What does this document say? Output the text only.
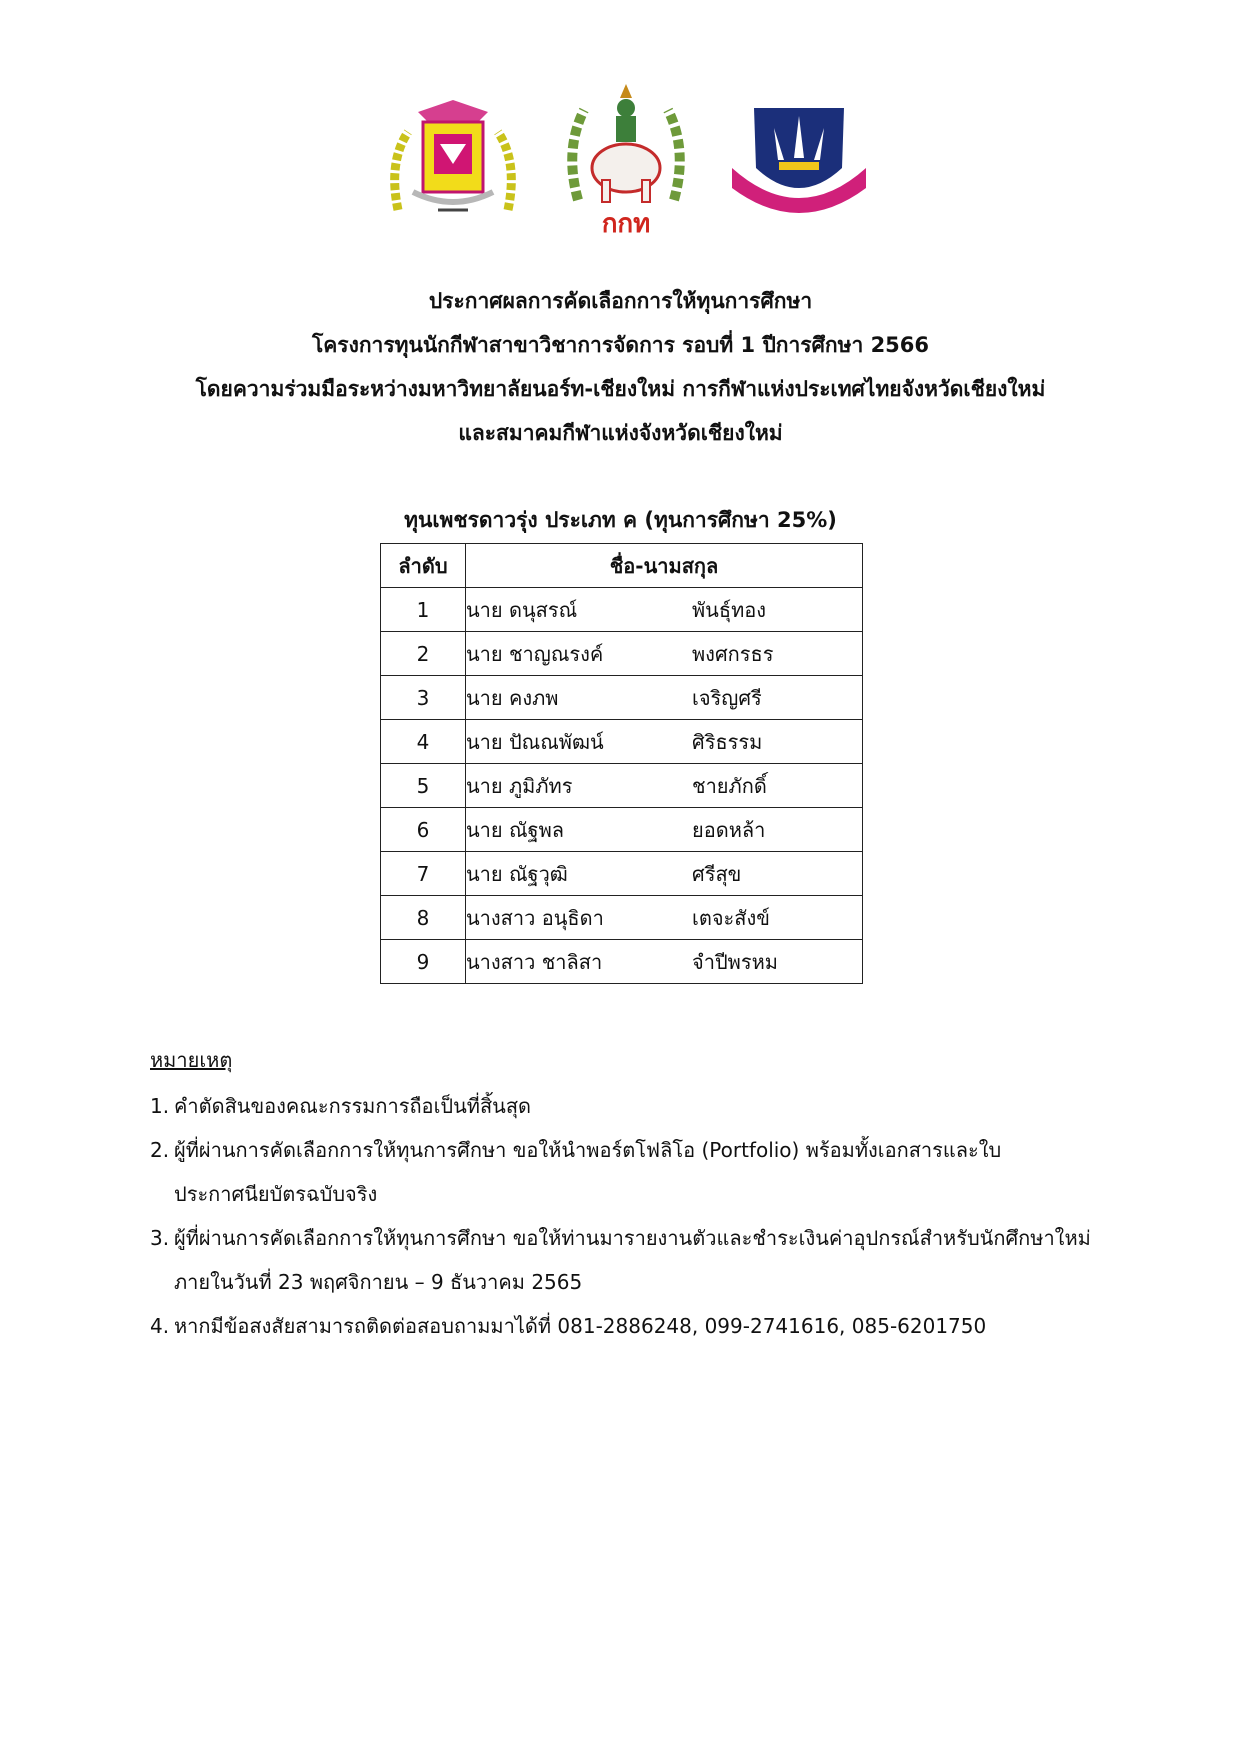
กกท
ประกาศผลการคัดเลือกการให้ทุนการศึกษา
โครงการทุนนักกีฬาสาขาวิชาการจัดการ รอบที่ 1 ปีการศึกษา 2566
โดยความร่วมมือระหว่างมหาวิทยาลัยนอร์ท-เชียงใหม่ การกีฬาแห่งประเทศไทยจังหวัดเชียงใหม่
และสมาคมกีฬาแห่งจังหวัดเชียงใหม่
ทุนเพชรดาวรุ่ง ประเภท ค (ทุนการศึกษา 25%)
ลำดับ	ชื่อ-นามสกุล
1	นาย ดนุสรณ์ พันธุ์ทอง
2	นาย ชาญณรงค์ พงศกรธร
3	นาย คงภพ เจริญศรี
4	นาย ปัณณพัฒน์ ศิริธรรม
5	นาย ภูมิภัทร ชายภักดิ์
6	นาย ณัฐพล ยอดหล้า
7	นาย ณัฐวุฒิ ศรีสุข
8	นางสาว อนุธิดา เตจะสังข์
9	นางสาว ชาลิสา จำปีพรหม
หมายเหตุ
1. คำตัดสินของคณะกรรมการถือเป็นที่สิ้นสุด
2. ผู้ที่ผ่านการคัดเลือกการให้ทุนการศึกษา ขอให้นำพอร์ตโฟลิโอ (Portfolio) พร้อมทั้งเอกสารและใบประกาศนียบัตรฉบับจริง
3. ผู้ที่ผ่านการคัดเลือกการให้ทุนการศึกษา ขอให้ท่านมารายงานตัวและชำระเงินค่าอุปกรณ์สำหรับนักศึกษาใหม่ ภายในวันที่ 23 พฤศจิกายน – 9 ธันวาคม 2565
4. หากมีข้อสงสัยสามารถติดต่อสอบถามมาได้ที่ 081-2886248, 099-2741616, 085-6201750
